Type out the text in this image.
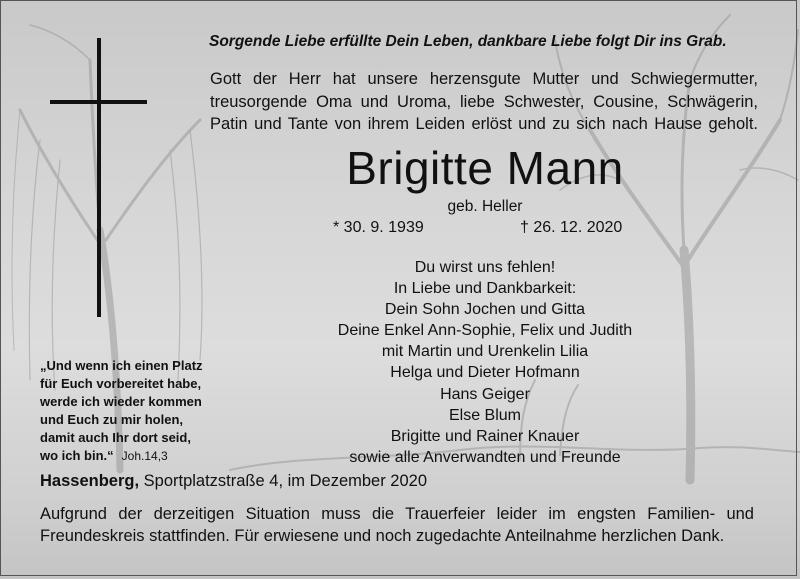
Sorgende Liebe erfüllte Dein Leben, dankbare Liebe folgt Dir ins Grab.
Gott der Herr hat unsere herzensgute Mutter und Schwiegermutter,
treusorgende Oma und Uroma, liebe Schwester, Cousine, Schwägerin,
Patin und Tante von ihrem Leiden erlöst und zu sich nach Hause geholt.
Brigitte Mann
geb. Heller
* 30. 9. 1939	† 26. 12. 2020
Du wirst uns fehlen!
In Liebe und Dankbarkeit:
Dein Sohn Jochen und Gitta
Deine Enkel Ann-Sophie, Felix und Judith
mit Martin und Urenkelin Lilia
Helga und Dieter Hofmann
Hans Geiger
Else Blum
Brigitte und Rainer Knauer
sowie alle Anverwandten und Freunde
„Und wenn ich einen Platz
für Euch vorbereitet habe,
werde ich wieder kommen
und Euch zu mir holen,
damit auch Ihr dort seid,
wo ich bin.“ Joh.14,3
Hassenberg, Sportplatzstraße 4, im Dezember 2020
Aufgrund der derzeitigen Situation muss die Trauerfeier leider im engsten Familien- und
Freundeskreis stattfinden. Für erwiesene und noch zugedachte Anteilnahme herzlichen Dank.
